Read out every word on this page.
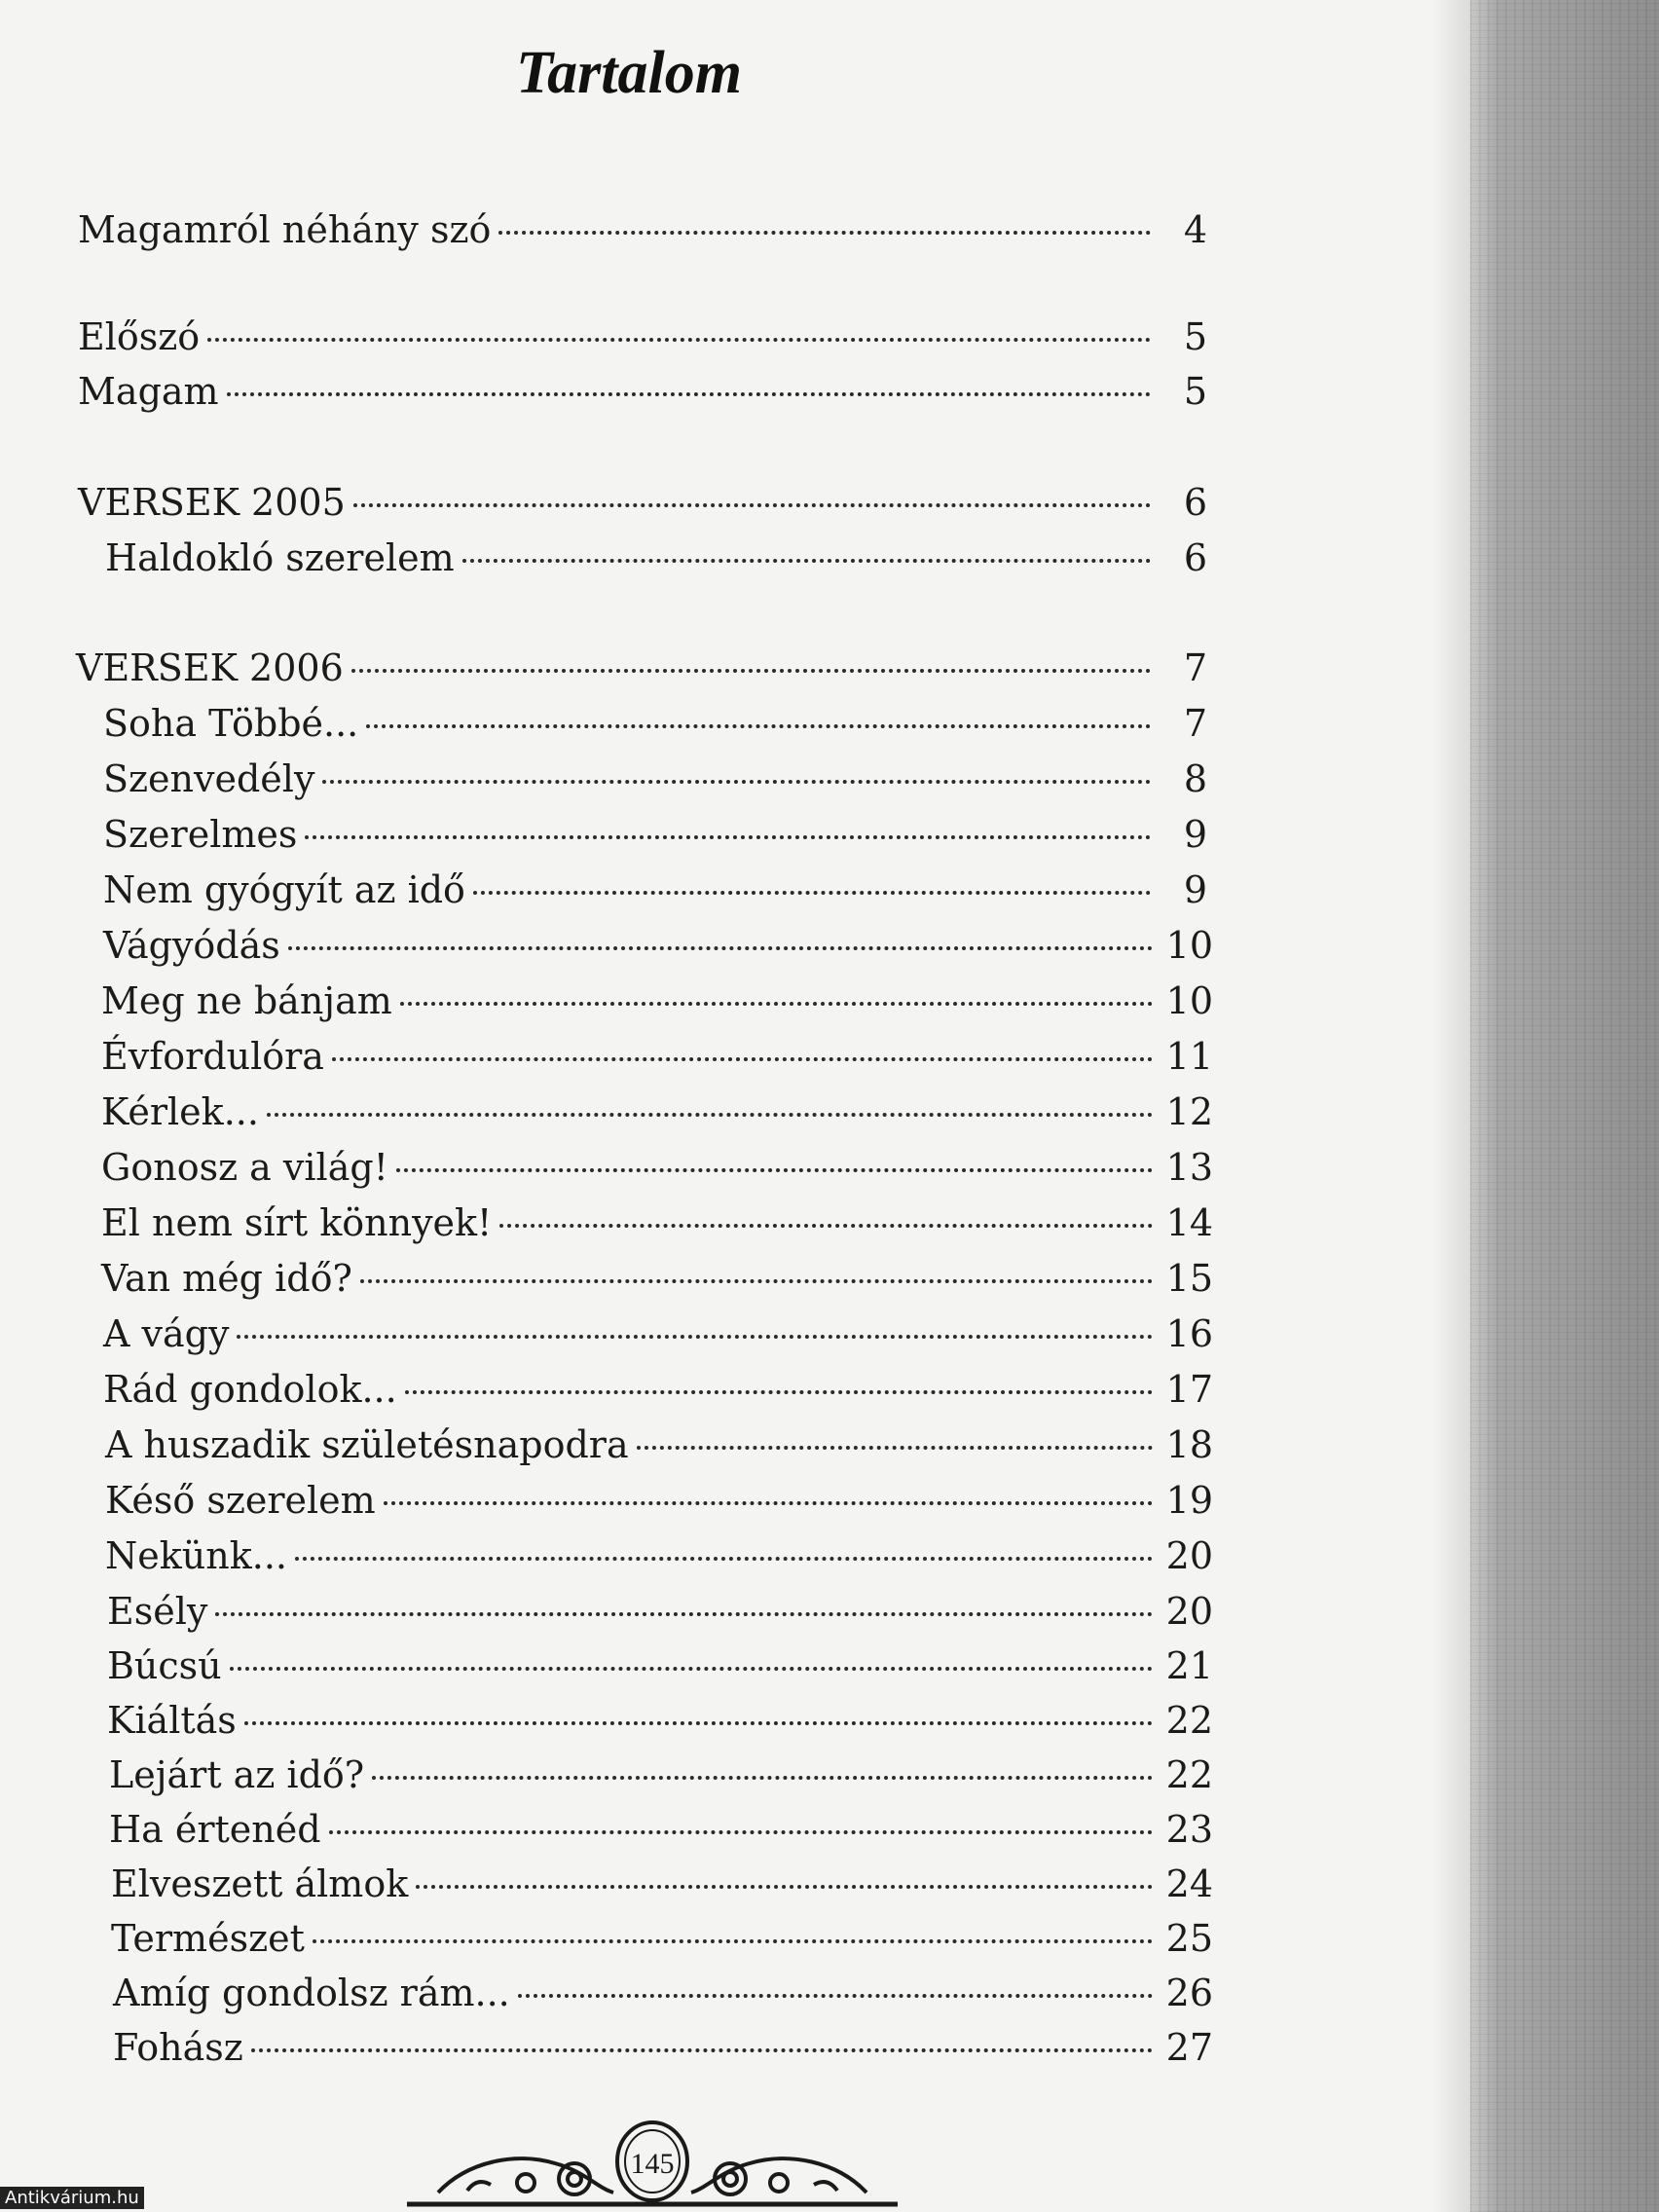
Tartalom
Magamról néhány szó	4
Előszó	5
Magam	5
VERSEK 2005	6
Haldokló szerelem	6
VERSEK 2006	7
Soha Többé...	7
Szenvedély	8
Szerelmes	9
Nem gyógyít az idő	9
Vágyódás	10
Meg ne bánjam	10
Évfordulóra	11
Kérlek...	12
Gonosz a világ!	13
El nem sírt könnyek!	14
Van még idő?	15
A vágy	16
Rád gondolok...	17
A huszadik születésnapodra	18
Késő szerelem	19
Nekünk...	20
Esély	20
Búcsú	21
Kiáltás	22
Lejárt az idő?	22
Ha értenéd	23
Elveszett álmok	24
Természet	25
Amíg gondolsz rám...	26
Fohász	27
145
Antikvárium.hu
